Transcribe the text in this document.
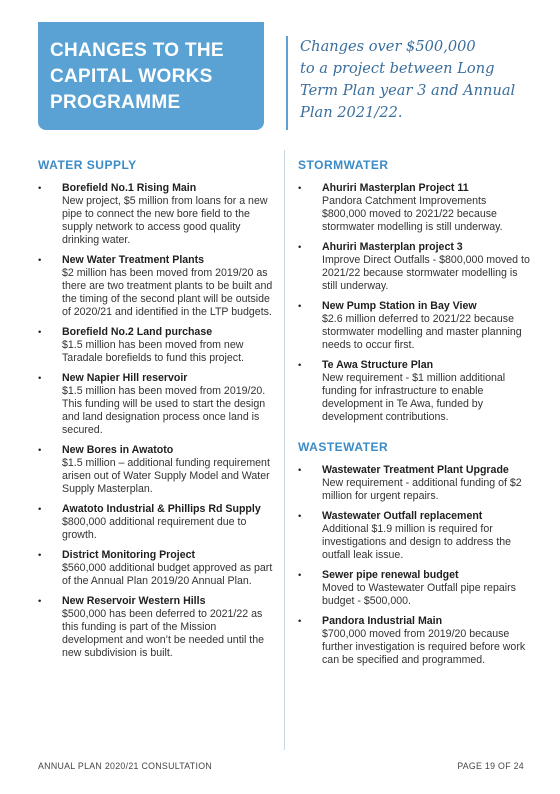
CHANGES TO THE
CAPITAL WORKS
PROGRAMME
Changes over $500,000
to a project between Long
Term Plan year 3 and Annual
Plan 2021/22.
WATER SUPPLY
• Borefield No.1 Rising Main
New project, $5 million from loans for a new pipe to connect the new bore field to the supply network to access good quality drinking water.
• New Water Treatment Plants
$2 million has been moved from 2019/20 as there are two treatment plants to be built and the timing of the second plant will be outside of 2020/21 and identified in the LTP budgets.
• Borefield No.2 Land purchase
$1.5 million has been moved from new Taradale borefields to fund this project.
• New Napier Hill reservoir
$1.5 million has been moved from 2019/20. This funding will be used to start the design and land designation process once land is secured.
• New Bores in Awatoto
$1.5 million – additional funding requirement arisen out of Water Supply Model and Water Supply Masterplan.
• Awatoto Industrial & Phillips Rd Supply
$800,000 additional requirement due to growth.
• District Monitoring Project
$560,000 additional budget approved as part of the Annual Plan 2019/20 Annual Plan.
• New Reservoir Western Hills
$500,000 has been deferred to 2021/22 as this funding is part of the Mission development and won’t be needed until the new subdivision is built.
STORMWATER
• Ahuriri Masterplan Project 11
Pandora Catchment Improvements $800,000 moved to 2021/22 because stormwater modelling is still underway.
• Ahuriri Masterplan project 3
Improve Direct Outfalls - $800,000 moved to 2021/22 because stormwater modelling is still underway.
• New Pump Station in Bay View
$2.6 million deferred to 2021/22 because stormwater modelling and master planning needs to occur first.
• Te Awa Structure Plan
New requirement - $1 million additional funding for infrastructure to enable development in Te Awa, funded by development contributions.
WASTEWATER
• Wastewater Treatment Plant Upgrade
New requirement - additional funding of $2 million for urgent repairs.
• Wastewater Outfall replacement
Additional $1.9 million is required for investigations and design to address the outfall leak issue.
• Sewer pipe renewal budget
Moved to Wastewater Outfall pipe repairs budget - $500,000.
• Pandora Industrial Main
$700,000 moved from 2019/20 because further investigation is required before work can be specified and programmed.
ANNUAL PLAN 2020/21 CONSULTATION	PAGE 19 OF 24
